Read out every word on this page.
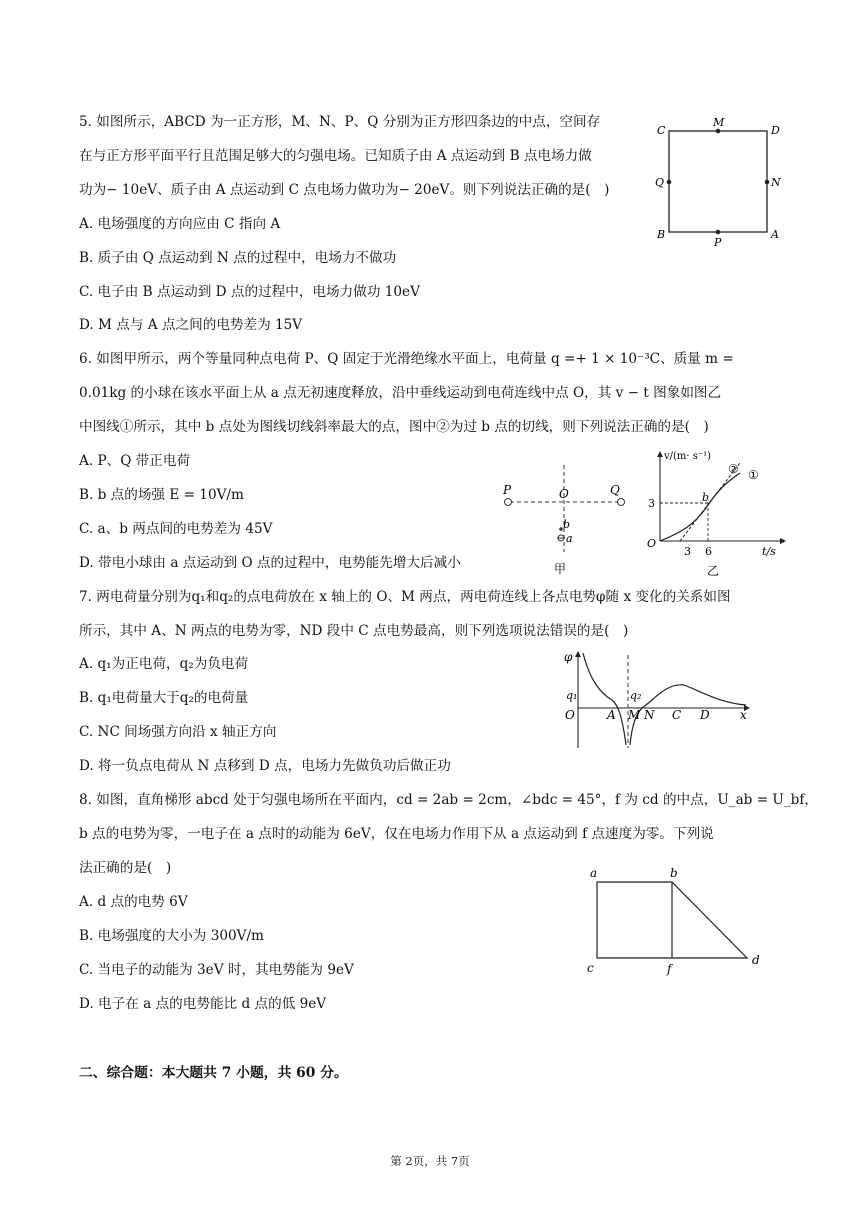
5. 如图所示，ABCD 为一正方形，M、N、P、Q 分别为正方形四条边的中点，空间存
在与正方形平面平行且范围足够大的匀强电场。已知质子由 A 点运动到 B 点电场力做
功为− 10eV、质子由 A 点运动到 C 点电场力做功为− 20eV。则下列说法正确的是(　)
A. 电场强度的方向应由 C 指向 A
B. 质子由 Q 点运动到 N 点的过程中，电场力不做功
C. 电子由 B 点运动到 D 点的过程中，电场力做功 10eV
D. M 点与 A 点之间的电势差为 15V
C
M
D
Q	N
B
P
A
6. 如图甲所示，两个等量同种点电荷 P、Q 固定于光滑绝缘水平面上，电荷量 q =+ 1 × 10⁻³C、质量 m =
0.01kg 的小球在该水平面上从 a 点无初速度释放，沿中垂线运动到电荷连线中点 O，其 v − t 图象如图乙
中图线①所示，其中 b 点处为图线切线斜率最大的点，图中②为过 b 点的切线，则下列说法正确的是(　)
A. P、Q 带正电荷
B. b 点的场强 E = 10V/m
C. a、b 两点间的电势差为 45V
D. 带电小球由 a 点运动到 O 点的过程中，电势能先增大后减小
P	O	Q
b
a
甲
v/(m· s⁻¹)
3
O
3 6	t/s
b
② ①
乙
7. 两电荷量分别为q₁和q₂的点电荷放在 x 轴上的 O、M 两点，两电荷连线上各点电势φ随 x 变化的关系如图
所示，其中 A、N 两点的电势为零，ND 段中 C 点电势最高，则下列选项说法错误的是(　)
A. q₁为正电荷，q₂为负电荷
B. q₁电荷量大于q₂的电荷量
C. NC 间场强方向沿 x 轴正方向
D. 将一负点电荷从 N 点移到 D 点，电场力先做负功后做正功
φ
q₁	q₂
O	A M N C D	x
8. 如图，直角梯形 abcd 处于匀强电场所在平面内，cd = 2ab = 2cm，∠bdc = 45°，f 为 cd 的中点，U_ab = U_bf，
b 点的电势为零，一电子在 a 点时的动能为 6eV，仅在电场力作用下从 a 点运动到 f 点速度为零。下列说
法正确的是(　)
A. d 点的电势 6V
B. 电场强度的大小为 300V/m
C. 当电子的动能为 3eV 时，其电势能为 9eV
D. 电子在 a 点的电势能比 d 点的低 9eV
a	b
c	f
d
二、综合题：本大题共 7 小题，共 60 分。
第 2页，共 7页
